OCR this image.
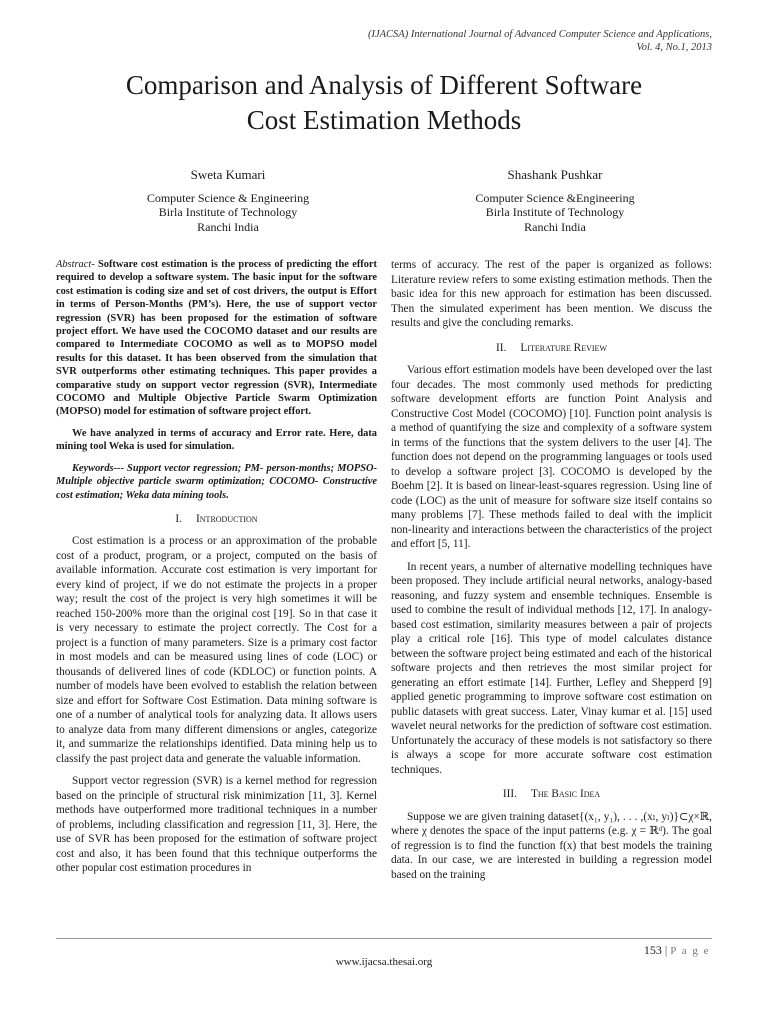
(IJACSA) International Journal of Advanced Computer Science and Applications,
Vol. 4, No.1, 2013
Comparison and Analysis of Different Software
Cost Estimation Methods
Sweta Kumari
Computer Science & Engineering
Birla Institute of Technology
Ranchi India
Shashank Pushkar
Computer Science &Engineering
Birla Institute of Technology
Ranchi India

Abstract- Software cost estimation is the process of predicting the effort required to develop a software system. The basic input for the software cost estimation is coding size and set of cost drivers, the output is Effort in terms of Person-Months (PM’s). Here, the use of support vector regression (SVR) has been proposed for the estimation of software project effort. We have used the COCOMO dataset and our results are compared to Intermediate COCOMO as well as to MOPSO model results for this dataset. It has been observed from the simulation that SVR outperforms other estimating techniques. This paper provides a comparative study on support vector regression (SVR), Intermediate COCOMO and Multiple Objective Particle Swarm Optimization (MOPSO) model for estimation of software project effort.

We have analyzed in terms of accuracy and Error rate. Here, data mining tool Weka is used for simulation.

Keywords--- Support vector regression; PM- person-months; MOPSO- Multiple objective particle swarm optimization; COCOMO- Constructive cost estimation; Weka data mining tools.

I. Introduction

Cost estimation is a process or an approximation of the probable cost of a product, program, or a project, computed on the basis of available information. Accurate cost estimation is very important for every kind of project, if we do not estimate the projects in a proper way; result the cost of the project is very high sometimes it will be reached 150-200% more than the original cost [19]. So in that case it is very necessary to estimate the project correctly. The Cost for a project is a function of many parameters. Size is a primary cost factor in most models and can be measured using lines of code (LOC) or thousands of delivered lines of code (KDLOC) or function points. A number of models have been evolved to establish the relation between size and effort for Software Cost Estimation. Data mining software is one of a number of analytical tools for analyzing data. It allows users to analyze data from many different dimensions or angles, categorize it, and summarize the relationships identified. Data mining help us to classify the past project data and generate the valuable information.

Support vector regression (SVR) is a kernel method for regression based on the principle of structural risk minimization [11, 3]. Kernel methods have outperformed more traditional techniques in a number of problems, including classification and regression [11, 3]. Here, the use of SVR has been proposed for the estimation of software project cost and also, it has been found that this technique outperforms the other popular cost estimation procedures in

terms of accuracy. The rest of the paper is organized as follows: Literature review refers to some existing estimation methods. Then the basic idea for this new approach for estimation has been discussed. Then the simulated experiment has been mention. We discuss the results and give the concluding remarks.

II. Literature Review

Various effort estimation models have been developed over the last four decades. The most commonly used methods for predicting software development efforts are function Point Analysis and Constructive Cost Model (COCOMO) [10]. Function point analysis is a method of quantifying the size and complexity of a software system in terms of the functions that the system delivers to the user [4]. The function does not depend on the programming languages or tools used to develop a software project [3]. COCOMO is developed by the Boehm [2]. It is based on linear-least-squares regression. Using line of code (LOC) as the unit of measure for software size itself contains so many problems [7]. These methods failed to deal with the implicit non-linearity and interactions between the characteristics of the project and effort [5, 11].

In recent years, a number of alternative modelling techniques have been proposed. They include artificial neural networks, analogy-based reasoning, and fuzzy system and ensemble techniques. Ensemble is used to combine the result of individual methods [12, 17]. In analogy-based cost estimation, similarity measures between a pair of projects play a critical role [16]. This type of model calculates distance between the software project being estimated and each of the historical software projects and then retrieves the most similar project for generating an effort estimate [14]. Further, Lefley and Shepperd [9] applied genetic programming to improve software cost estimation on public datasets with great success. Later, Vinay kumar et al. [15] used wavelet neural networks for the prediction of software cost estimation. Unfortunately the accuracy of these models is not satisfactory so there is always a scope for more accurate software cost estimation techniques.

III. The Basic Idea

Suppose we are given training dataset{(x₁, y₁), . . . ,(xₗ, yₗ)}⊂χ×ℝ, where χ denotes the space of the input patterns (e.g. χ = ℝᵈ). The goal of regression is to find the function f(x) that best models the training data. In our case, we are interested in building a regression model based on the training

153 | P a g e
www.ijacsa.thesai.org
